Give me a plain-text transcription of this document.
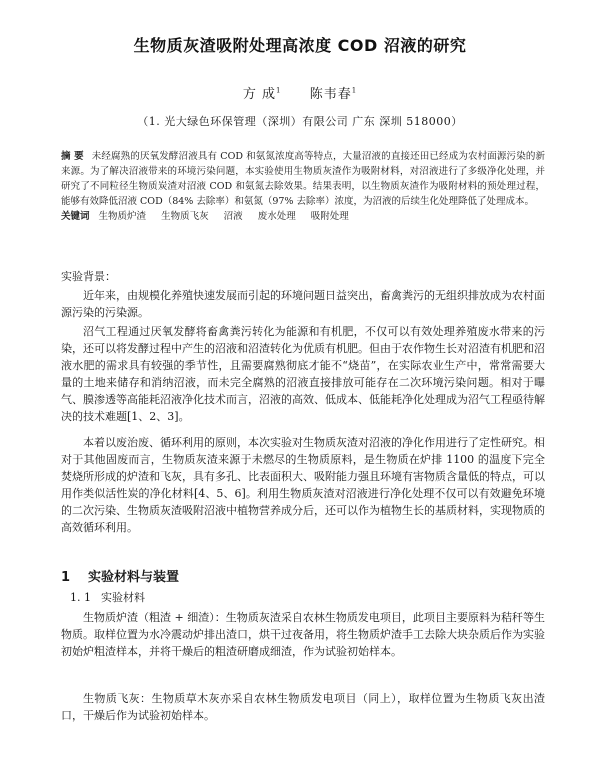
生物质灰渣吸附处理高浓度 COD 沼液的研究
方 成$^1$ 陈韦春$^1$
（1. 光大绿色环保管理（深圳）有限公司 广东 深圳 518000）
摘 要 未经腐熟的厌氧发酵沼液具有 COD 和氨氮浓度高等特点，大量沼液的直接还田已经成为农村面源污染的新来源。为了解决沼液带来的环境污染问题，本实验使用生物质灰渣作为吸附材料，对沼液进行了多级净化处理，并研究了不同粒径生物质炭渣对沼液 COD 和氨氮去除效果。结果表明，以生物质灰渣作为吸附材料的预处理过程，能够有效降低沼液 COD（84% 去除率）和氨氮（97% 去除率）浓度，为沼液的后续生化处理降低了处理成本。
关键词 生物质炉渣 生物质飞灰 沼液 废水处理 吸附处理
实验背景：
近年来，由规模化养殖快速发展而引起的环境问题日益突出，畜禽粪污的无组织排放成为农村面源污染的污染源。
沼气工程通过厌氧发酵将畜禽粪污转化为能源和有机肥，不仅可以有效处理养殖废水带来的污染，还可以将发酵过程中产生的沼液和沼渣转化为优质有机肥。但由于农作物生长对沼渣有机肥和沼液水肥的需求具有较强的季节性，且需要腐熟彻底才能不“烧苗”，在实际农业生产中，常常需要大量的土地来储存和消纳沼液，而未完全腐熟的沼液直接排放可能存在二次环境污染问题。相对于曝气、膜渗透等高能耗沼液净化技术而言，沼液的高效、低成本、低能耗净化处理成为沼气工程亟待解决的技术难题[1、2、3]。
本着以废治废、循环利用的原则，本次实验对生物质灰渣对沼液的净化作用进行了定性研究。相对于其他固废而言，生物质灰渣来源于未燃尽的生物质原料，是生物质在炉排 1100 的温度下完全焚烧所形成的炉渣和飞灰，具有多孔、比表面积大、吸附能力强且环境有害物质含量低的特点，可以用作类似活性炭的净化材料[4、5、6]。利用生物质灰渣对沼液进行净化处理不仅可以有效避免环境的二次污染、生物质灰渣吸附沼液中植物营养成分后，还可以作为植物生长的基质材料，实现物质的高效循环利用。
1 实验材料与装置
1. 1 实验材料
生物质炉渣（粗渣 + 细渣）：生物质灰渣采自农林生物质发电项目，此项目主要原料为秸秆等生物质。取样位置为水冷震动炉排出渣口，烘干过夜备用，将生物质炉渣手工去除大块杂质后作为实验初始炉粗渣样本，并将干燥后的粗渣研磨成细渣，作为试验初始样本。
生物质飞灰：生物质草木灰亦采自农林生物质发电项目（同上），取样位置为生物质飞灰出渣口，干燥后作为试验初始样本。
